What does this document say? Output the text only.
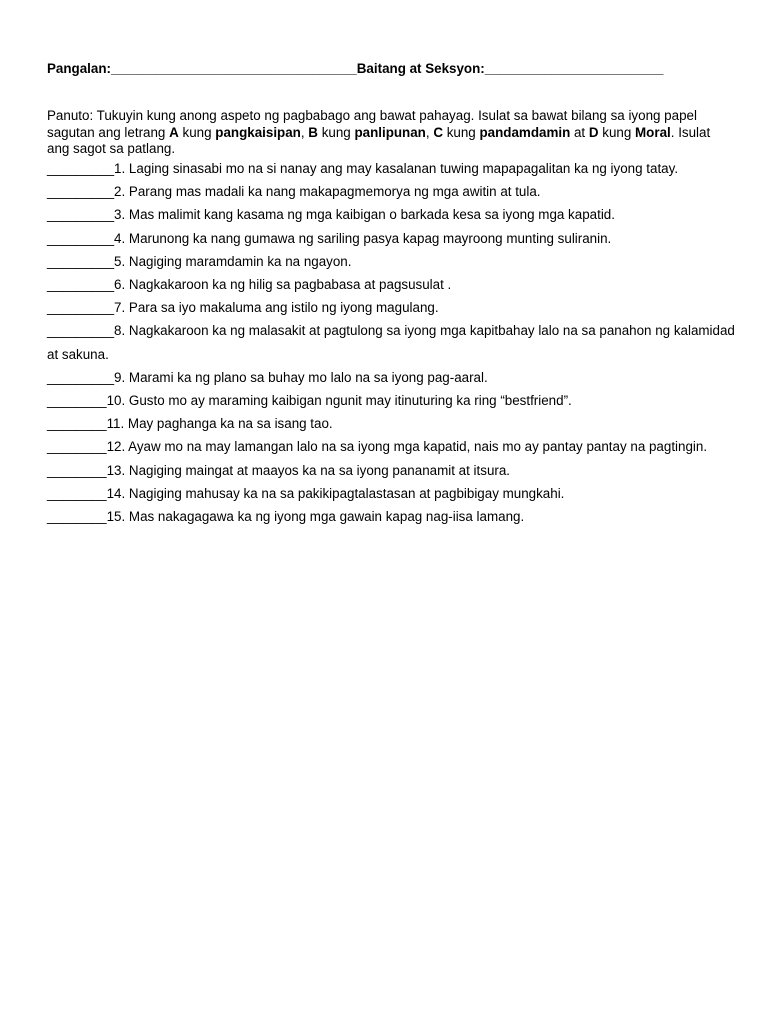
Pangalan:_________________________________Baitang at Seksyon:________________________
Panuto: Tukuyin kung anong aspeto ng pagbabago ang bawat pahayag. Isulat sa bawat bilang sa iyong papel sagutan ang letrang A kung pangkaisipan, B kung panlipunan, C kung pandamdamin at D kung Moral. Isulat ang sagot sa patlang.
_________1. Laging sinasabi mo na si nanay ang may kasalanan tuwing mapapagalitan ka ng iyong tatay.
_________2. Parang mas madali ka nang makapagmemorya ng mga awitin at tula.
_________3. Mas malimit kang kasama ng mga kaibigan o barkada kesa sa iyong mga kapatid.
_________4. Marunong ka nang gumawa ng sariling pasya kapag mayroong munting suliranin.
_________5. Nagiging maramdamin ka na ngayon.
_________6. Nagkakaroon ka ng hilig sa pagbabasa at pagsusulat .
_________7. Para sa iyo makaluma ang istilo ng iyong magulang.
_________8. Nagkakaroon ka ng malasakit at pagtulong sa iyong mga kapitbahay lalo na sa panahon ng kalamidad at sakuna.
_________9. Marami ka ng plano sa buhay mo lalo na sa iyong pag-aaral.
________10. Gusto mo ay maraming kaibigan ngunit may itinuturing ka ring “bestfriend”.
________11. May paghanga ka na sa isang tao.
________12. Ayaw mo na may lamangan lalo na sa iyong mga kapatid, nais mo ay pantay pantay na pagtingin.
________13. Nagiging maingat at maayos ka na sa iyong pananamit at itsura.
________14. Nagiging mahusay ka na sa pakikipagtalastasan at pagbibigay mungkahi.
________15. Mas nakagagawa ka ng iyong mga gawain kapag nag-iisa lamang.
